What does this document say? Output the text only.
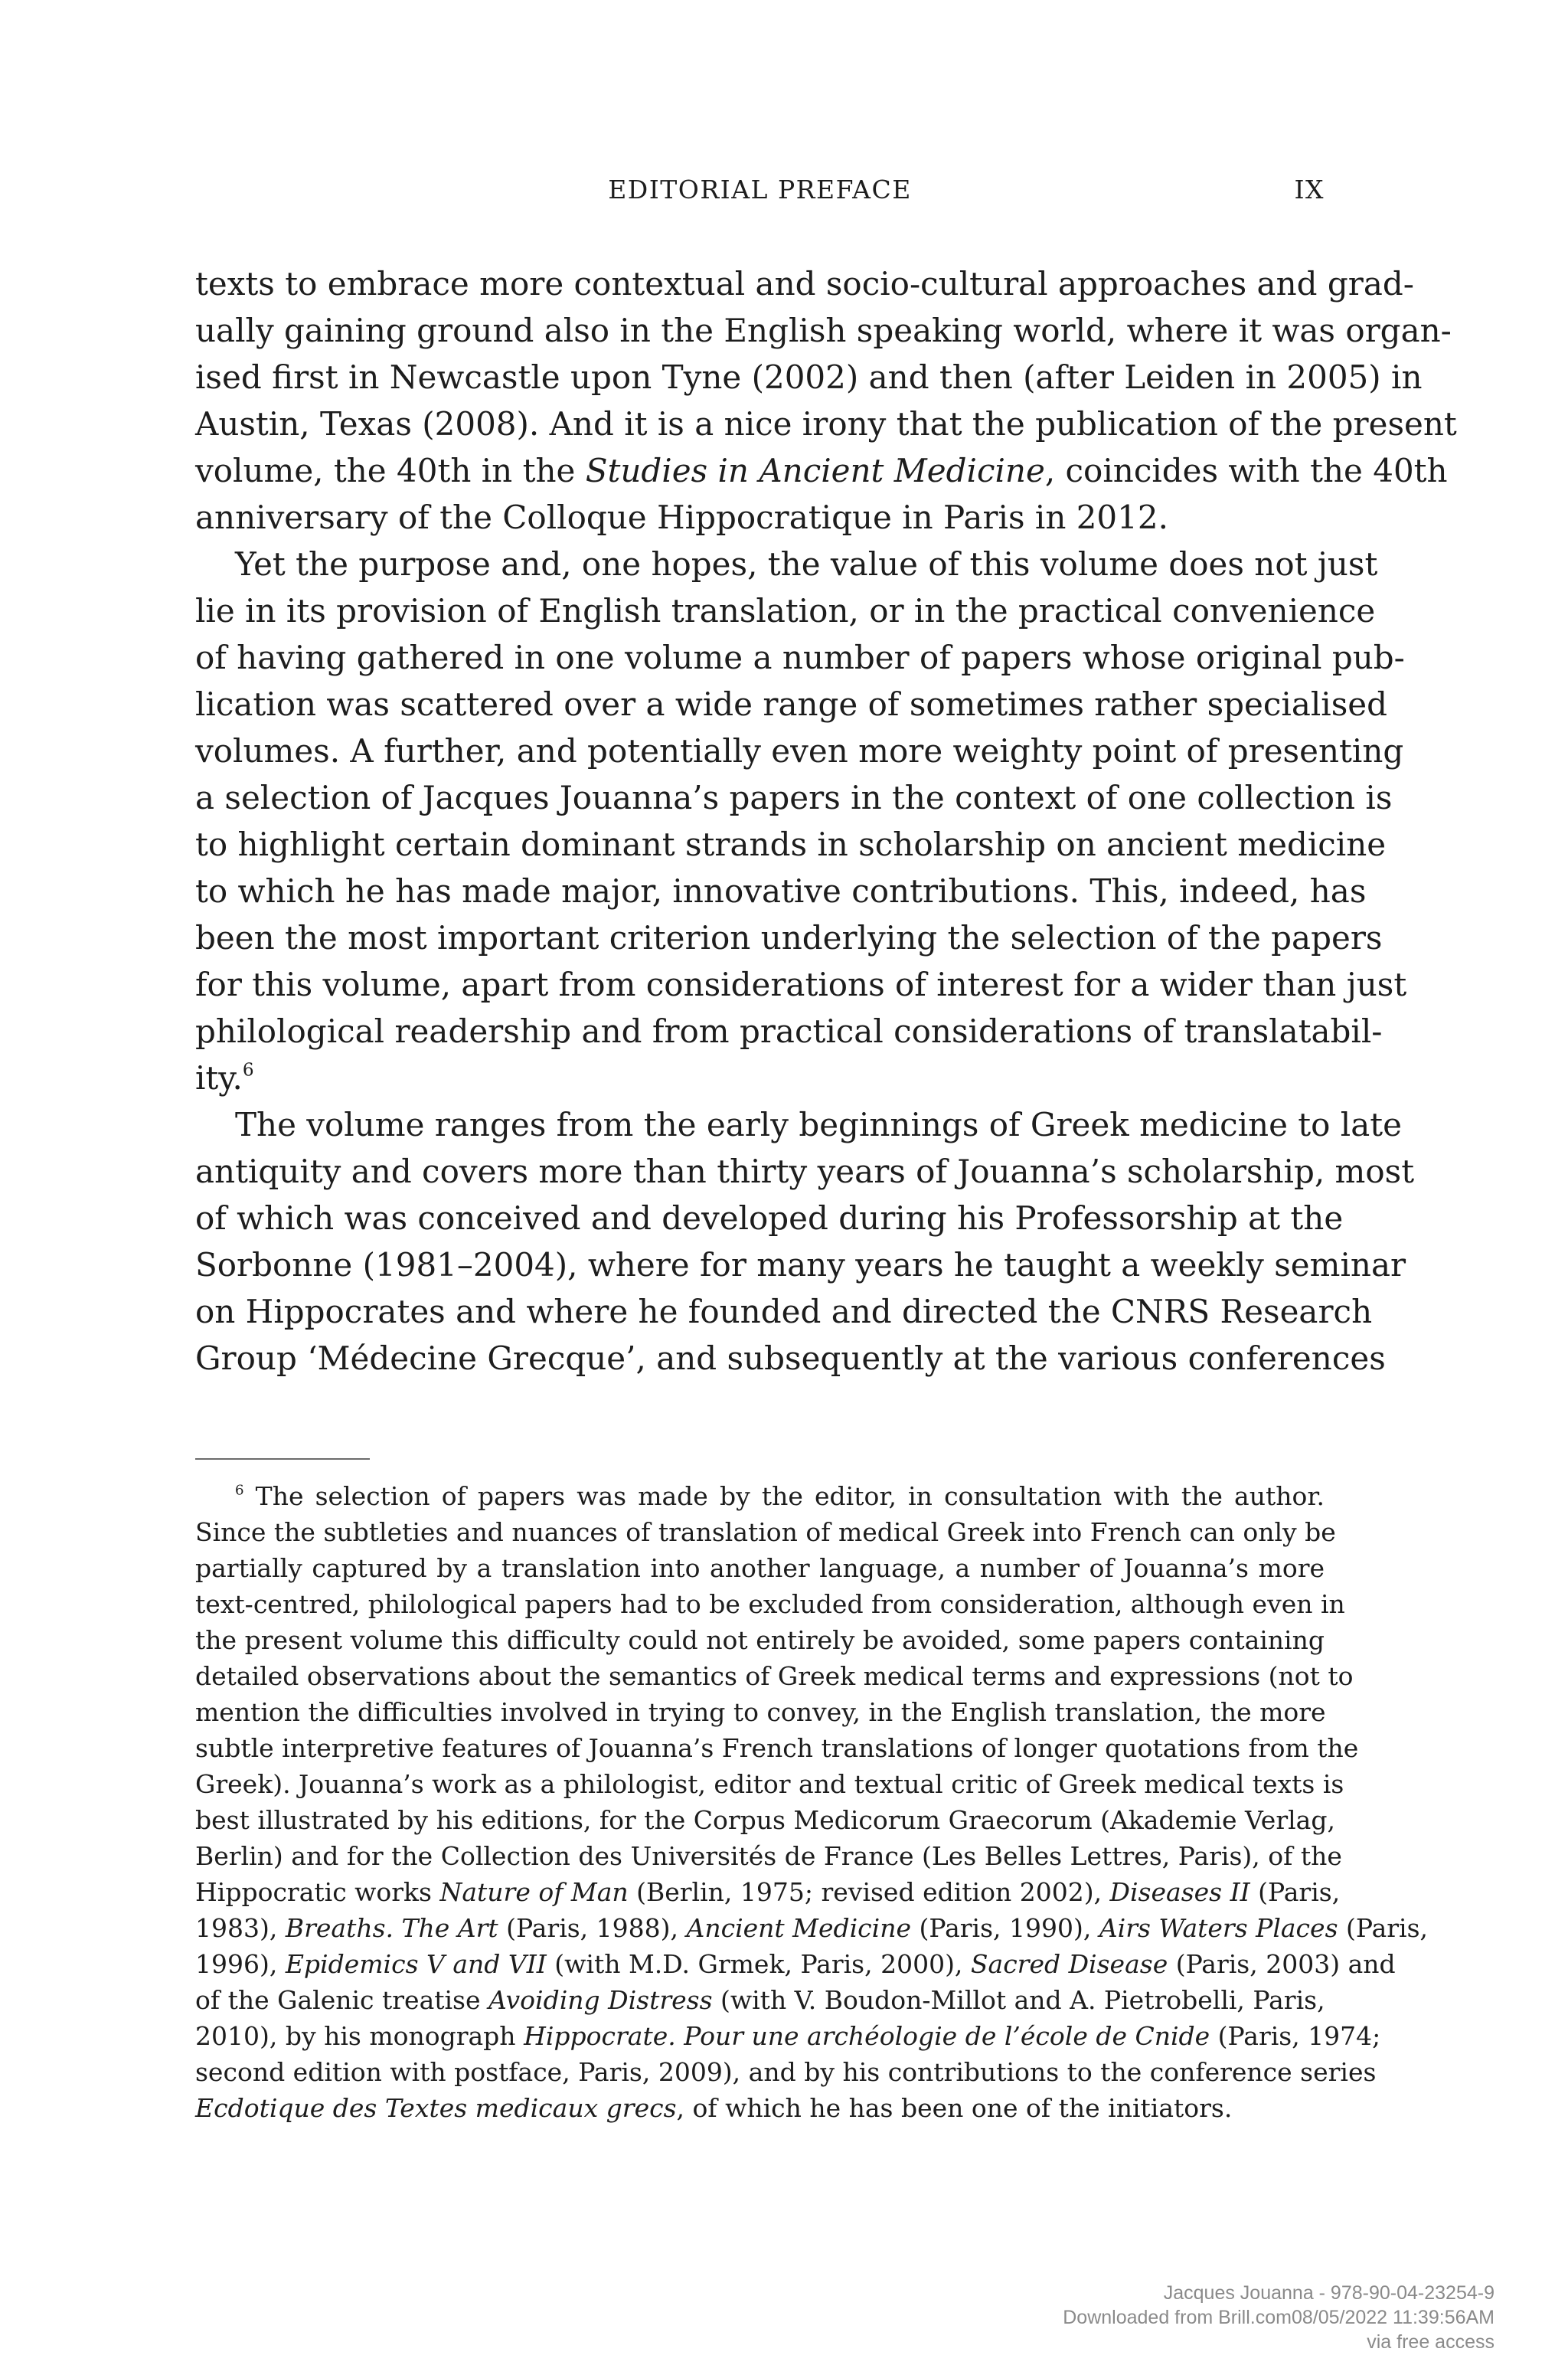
EDITORIAL PREFACE	IX
texts to embrace more contextual and socio-cultural approaches and grad-
ually gaining ground also in the English speaking world, where it was organ-
ised first in Newcastle upon Tyne (2002) and then (after Leiden in 2005) in
Austin, Texas (2008). And it is a nice irony that the publication of the present
volume, the 40th in the Studies in Ancient Medicine, coincides with the 40th
anniversary of the Colloque Hippocratique in Paris in 2012.
Yet the purpose and, one hopes, the value of this volume does not just
lie in its provision of English translation, or in the practical convenience
of having gathered in one volume a number of papers whose original pub-
lication was scattered over a wide range of sometimes rather specialised
volumes. A further, and potentially even more weighty point of presenting
a selection of Jacques Jouanna’s papers in the context of one collection is
to highlight certain dominant strands in scholarship on ancient medicine
to which he has made major, innovative contributions. This, indeed, has
been the most important criterion underlying the selection of the papers
for this volume, apart from considerations of interest for a wider than just
philological readership and from practical considerations of translatabil-
ity.$^6$
The volume ranges from the early beginnings of Greek medicine to late
antiquity and covers more than thirty years of Jouanna’s scholarship, most
of which was conceived and developed during his Professorship at the
Sorbonne (1981–2004), where for many years he taught a weekly seminar
on Hippocrates and where he founded and directed the CNRS Research
Group ‘Médecine Grecque’, and subsequently at the various conferences
$^6$ The selection of papers was made by the editor, in consultation with the author.
Since the subtleties and nuances of translation of medical Greek into French can only be
partially captured by a translation into another language, a number of Jouanna’s more
text-centred, philological papers had to be excluded from consideration, although even in
the present volume this difficulty could not entirely be avoided, some papers containing
detailed observations about the semantics of Greek medical terms and expressions (not to
mention the difficulties involved in trying to convey, in the English translation, the more
subtle interpretive features of Jouanna’s French translations of longer quotations from the
Greek). Jouanna’s work as a philologist, editor and textual critic of Greek medical texts is
best illustrated by his editions, for the Corpus Medicorum Graecorum (Akademie Verlag,
Berlin) and for the Collection des Universités de France (Les Belles Lettres, Paris), of the
Hippocratic works Nature of Man (Berlin, 1975; revised edition 2002), Diseases II (Paris,
1983), Breaths. The Art (Paris, 1988), Ancient Medicine (Paris, 1990), Airs Waters Places (Paris,
1996), Epidemics V and VII (with M.D. Grmek, Paris, 2000), Sacred Disease (Paris, 2003) and
of the Galenic treatise Avoiding Distress (with V. Boudon-Millot and A. Pietrobelli, Paris,
2010), by his monograph Hippocrate. Pour une archéologie de l’école de Cnide (Paris, 1974;
second edition with postface, Paris, 2009), and by his contributions to the conference series
Ecdotique des Textes medicaux grecs, of which he has been one of the initiators.
Jacques Jouanna - 978-90-04-23254-9
Downloaded from Brill.com08/05/2022 11:39:56AM
via free access
